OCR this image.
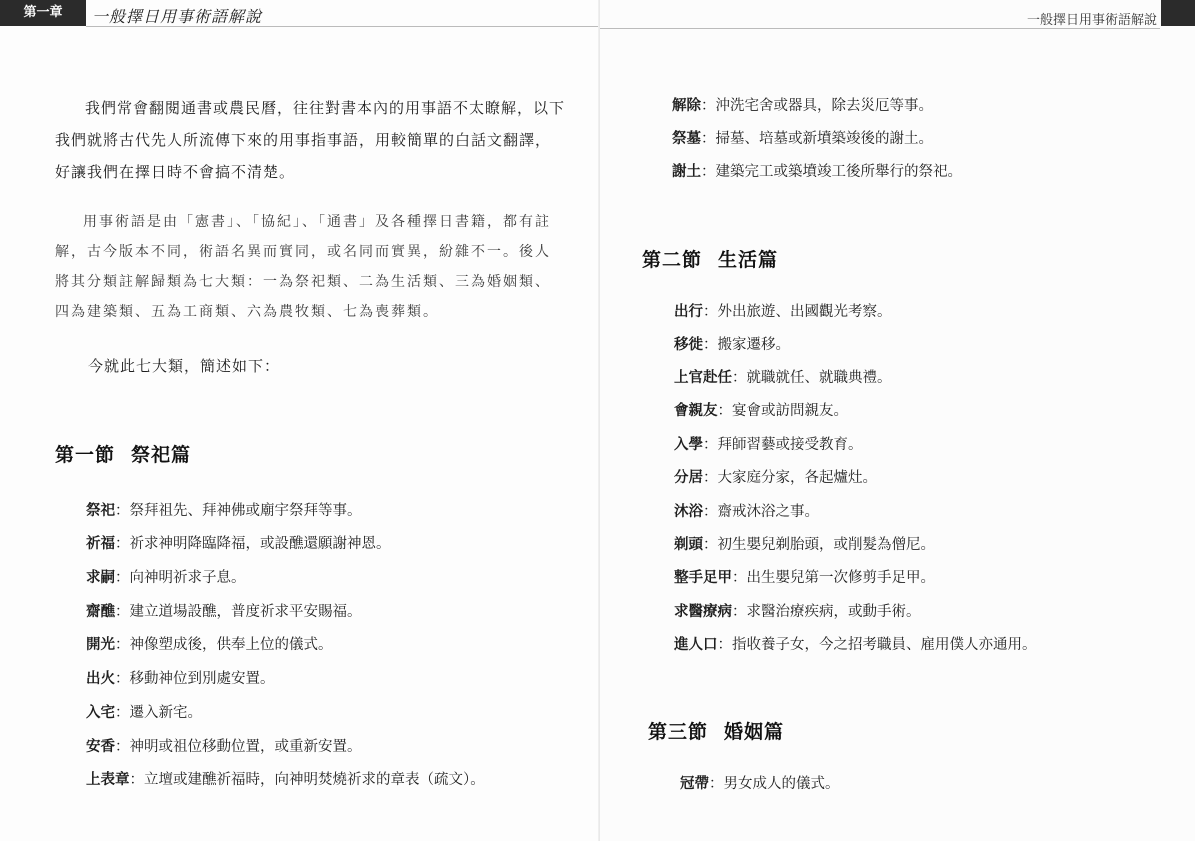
第一章	一般擇日用事術語解說

我們常會翻閱通書或農民曆，往往對書本內的用事語不太瞭解，以下我們就將古代先人所流傳下來的用事指事語，用較簡單的白話文翻譯，好讓我們在擇日時不會搞不清楚。

用事術語是由「憲書」、「協紀」、「通書」及各種擇日書籍，都有註解，古今版本不同，術語名異而實同，或名同而實異，紛雜不一。後人將其分類註解歸類為七大類：一為祭祀類、二為生活類、三為婚姻類、四為建築類、五為工商類、六為農牧類、七為喪葬類。

今就此七大類，簡述如下：
第一節 祭祀篇
祭祀：祭拜祖先、拜神佛或廟宇祭拜等事。
祈福：祈求神明降臨降福，或設醮還願謝神恩。
求嗣：向神明祈求子息。
齋醮：建立道場設醮，普度祈求平安賜福。
開光：神像塑成後，供奉上位的儀式。
出火：移動神位到別處安置。
入宅：遷入新宅。
安香：神明或祖位移動位置，或重新安置。
上表章：立壇或建醮祈福時，向神明焚燒祈求的章表（疏文）。
一般擇日用事術語解說
解除：沖洗宅舍或器具，除去災厄等事。
祭墓：掃墓、培墓或新墳築竣後的謝土。
謝土：建築完工或築墳竣工後所舉行的祭祀。
第二節 生活篇
出行：外出旅遊、出國觀光考察。
移徙：搬家遷移。
上官赴任：就職就任、就職典禮。
會親友：宴會或訪問親友。
入學：拜師習藝或接受教育。
分居：大家庭分家，各起爐灶。
沐浴：齋戒沐浴之事。
剃頭：初生嬰兒剃胎頭，或削髮為僧尼。
整手足甲：出生嬰兒第一次修剪手足甲。
求醫療病：求醫治療疾病，或動手術。
進人口：指收養子女，今之招考職員、雇用僕人亦通用。
第三節 婚姻篇
冠帶：男女成人的儀式。
